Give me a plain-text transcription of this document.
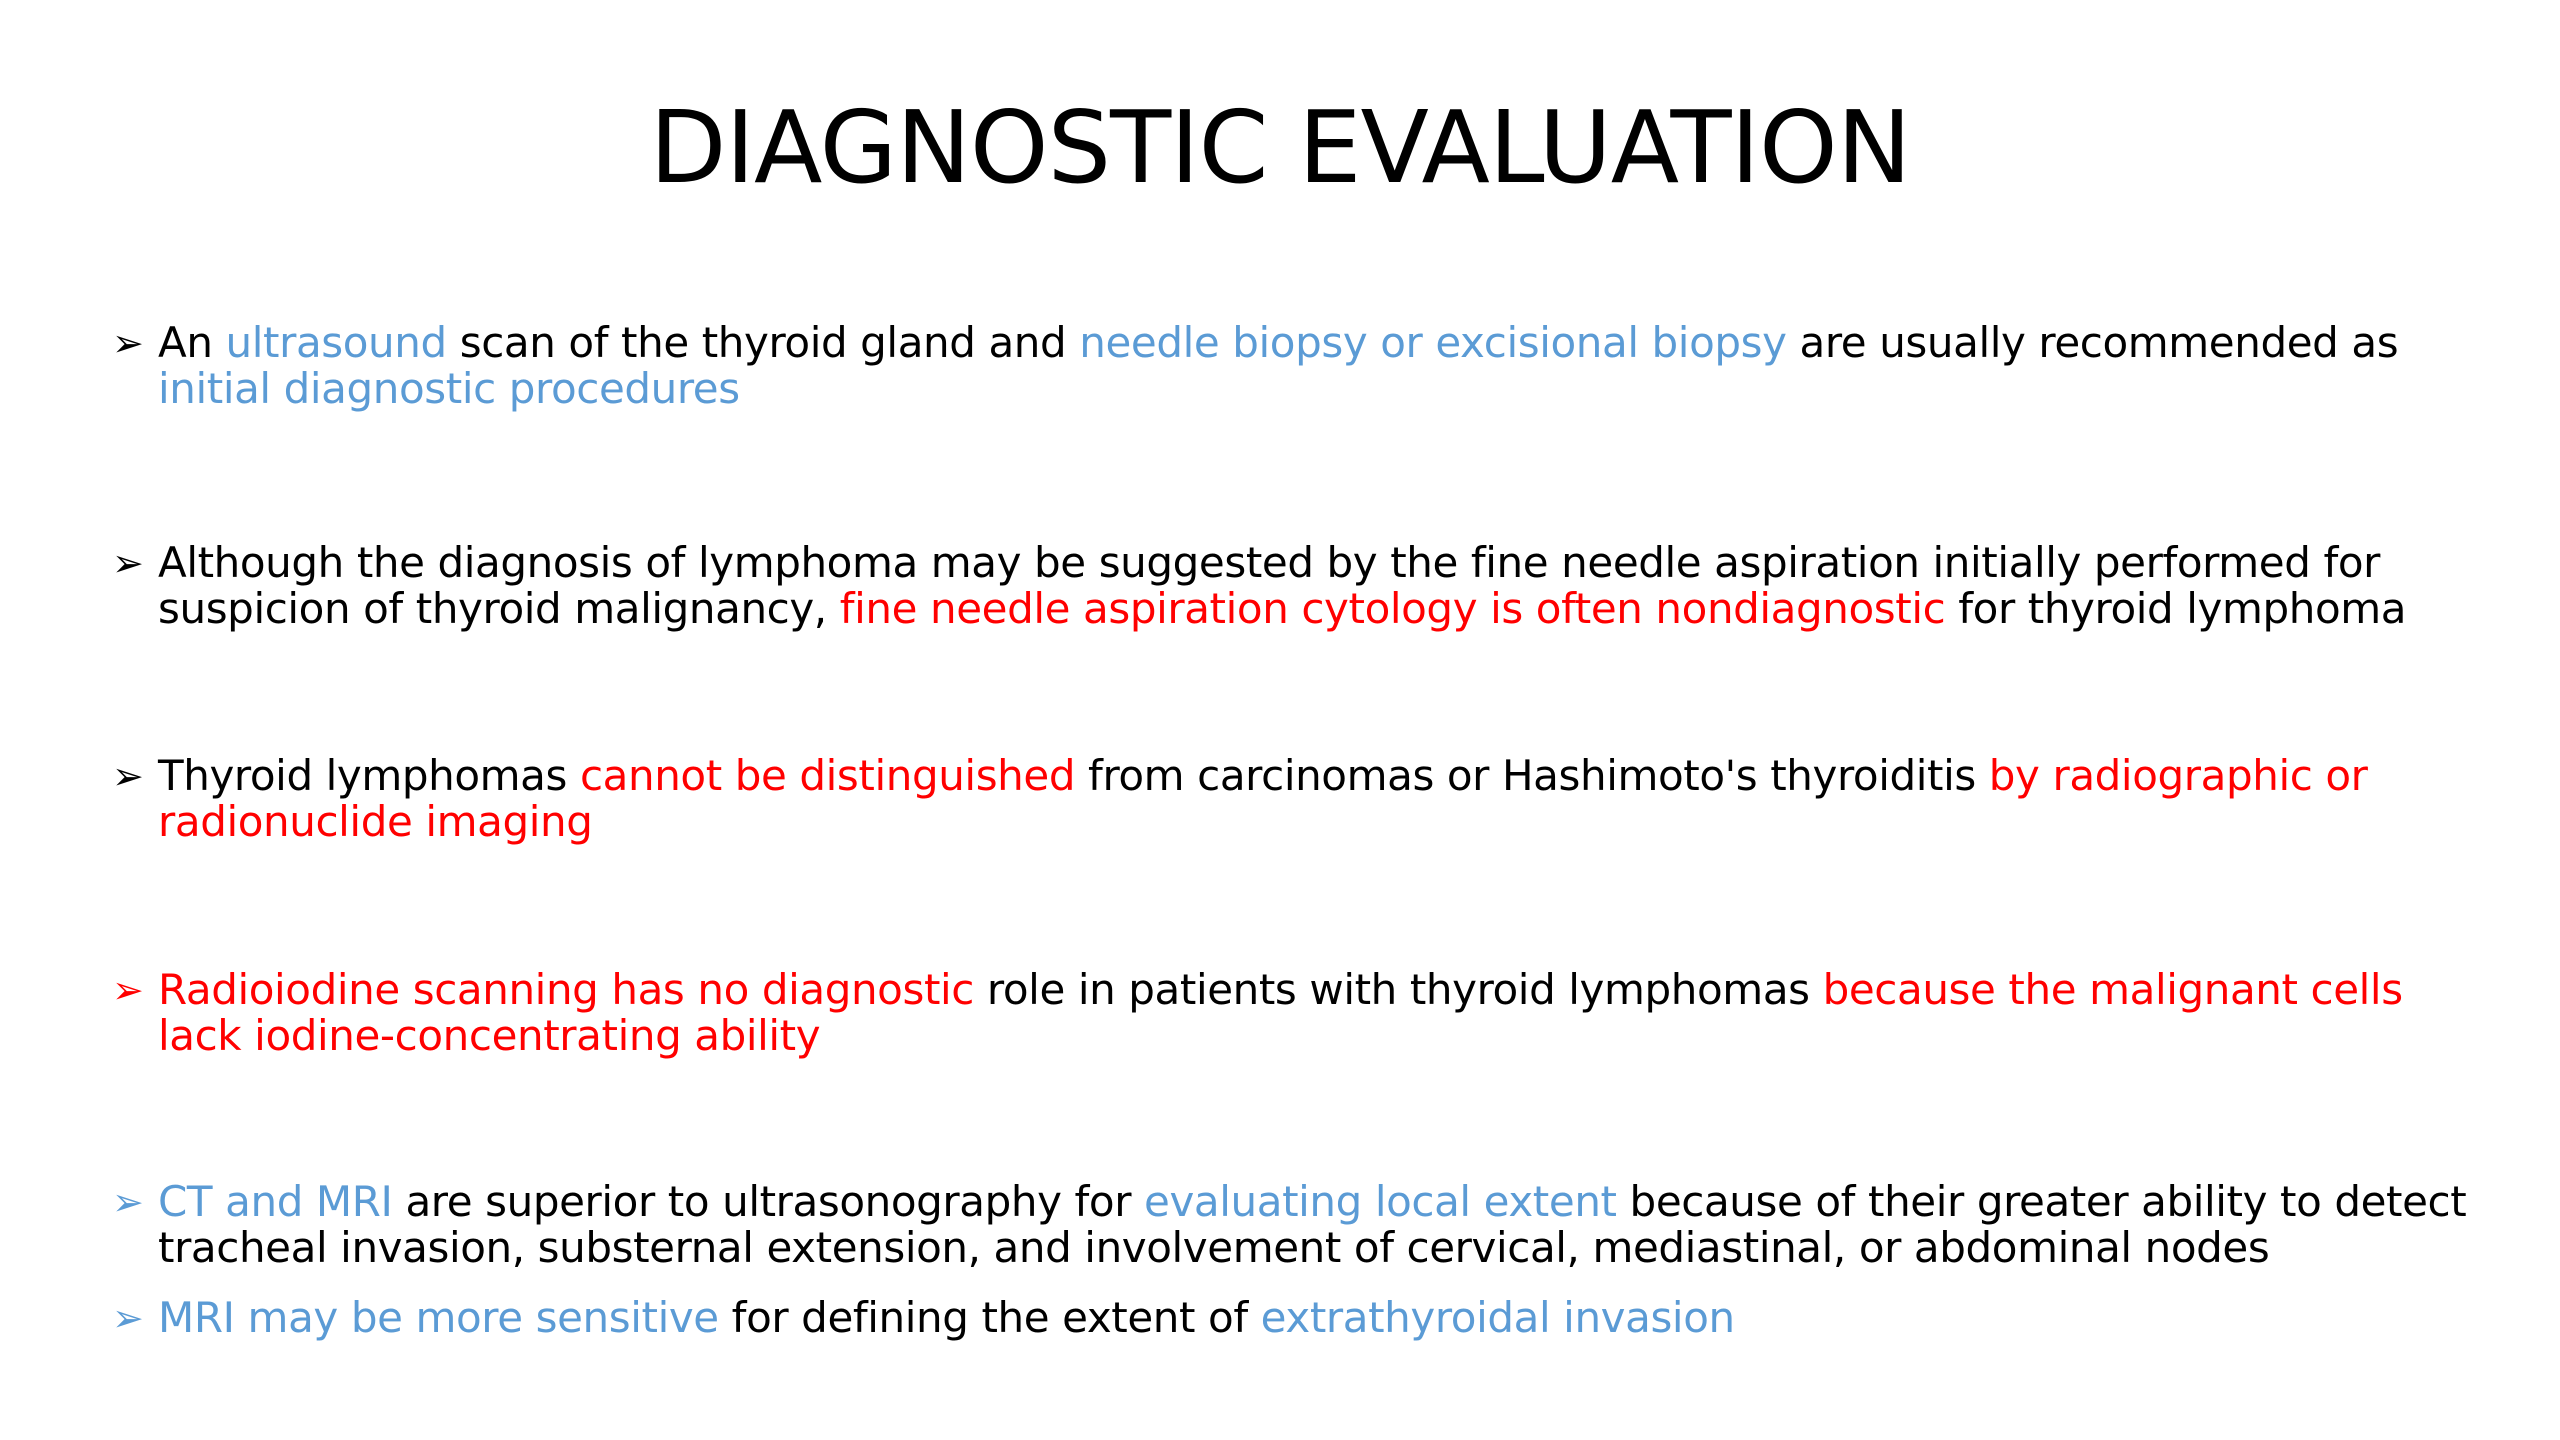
DIAGNOSTIC EVALUATION
➢ An ultrasound scan of the thyroid gland and needle biopsy or excisional biopsy are usually recommended as initial diagnostic procedures
➢ Although the diagnosis of lymphoma may be suggested by the fine needle aspiration initially performed for suspicion of thyroid malignancy, fine needle aspiration cytology is often nondiagnostic for thyroid lymphoma
➢ Thyroid lymphomas cannot be distinguished from carcinomas or Hashimoto's thyroiditis by radiographic or radionuclide imaging
➢ Radioiodine scanning has no diagnostic role in patients with thyroid lymphomas because the malignant cells lack iodine-concentrating ability
➢ CT and MRI are superior to ultrasonography for evaluating local extent because of their greater ability to detect tracheal invasion, substernal extension, and involvement of cervical, mediastinal, or abdominal nodes
➢ MRI may be more sensitive for defining the extent of extrathyroidal invasion
